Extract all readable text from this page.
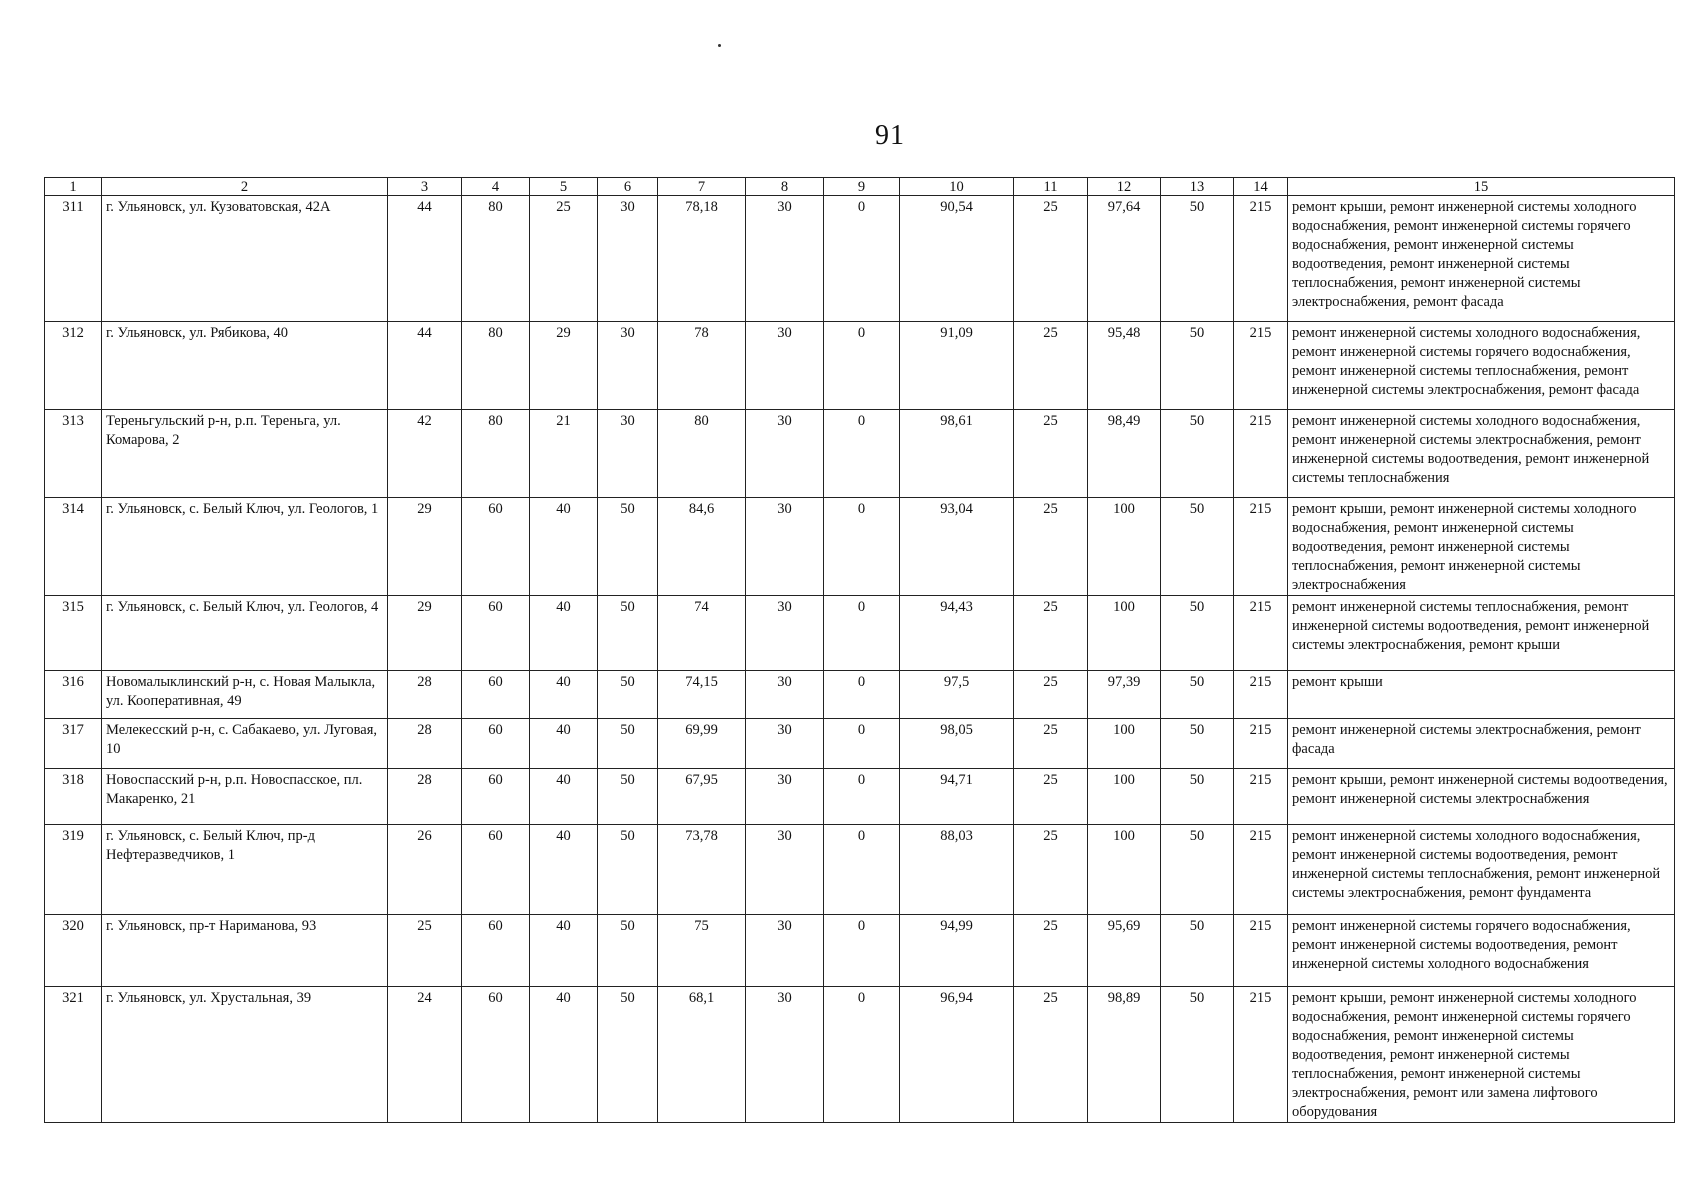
91
1	2	3	4	5	6	7	8	9	10	11	12	13	14	15
311	г. Ульяновск, ул. Кузоватовская, 42А	44	80	25	30	78,18	30	0	90,54	25	97,64	50	215	ремонт крыши, ремонт инженерной системы холодного водоснабжения, ремонт инженерной системы горячего водоснабжения, ремонт инженерной системы водоотведения, ремонт инженерной системы теплоснабжения, ремонт инженерной системы электроснабжения, ремонт фасада
312	г. Ульяновск, ул. Рябикова, 40	44	80	29	30	78	30	0	91,09	25	95,48	50	215	ремонт инженерной системы холодного водоснабжения, ремонт инженерной системы горячего водоснабжения, ремонт инженерной системы теплоснабжения, ремонт инженерной системы электроснабжения, ремонт фасада
313	Тереньгульский р-н, р.п. Тереньга, ул. Комарова, 2	42	80	21	30	80	30	0	98,61	25	98,49	50	215	ремонт инженерной системы холодного водоснабжения, ремонт инженерной системы электроснабжения, ремонт инженерной системы водоотведения, ремонт инженерной системы теплоснабжения
314	г. Ульяновск, с. Белый Ключ, ул. Геологов, 1	29	60	40	50	84,6	30	0	93,04	25	100	50	215	ремонт крыши, ремонт инженерной системы холодного водоснабжения, ремонт инженерной системы водоотведения, ремонт инженерной системы теплоснабжения, ремонт инженерной системы электроснабжения
315	г. Ульяновск, с. Белый Ключ, ул. Геологов, 4	29	60	40	50	74	30	0	94,43	25	100	50	215	ремонт инженерной системы теплоснабжения, ремонт инженерной системы водоотведения, ремонт инженерной системы электроснабжения, ремонт крыши
316	Новомалыклинский р-н, с. Новая Малыкла, ул. Кооперативная, 49	28	60	40	50	74,15	30	0	97,5	25	97,39	50	215	ремонт крыши
317	Мелекесский р-н, с. Сабакаево, ул. Луговая, 10	28	60	40	50	69,99	30	0	98,05	25	100	50	215	ремонт инженерной системы электроснабжения, ремонт фасада
318	Новоспасский р-н, р.п. Новоспасское, пл. Макаренко, 21	28	60	40	50	67,95	30	0	94,71	25	100	50	215	ремонт крыши, ремонт инженерной системы водоотведения, ремонт инженерной системы электроснабжения
319	г. Ульяновск, с. Белый Ключ, пр-д Нефтеразведчиков, 1	26	60	40	50	73,78	30	0	88,03	25	100	50	215	ремонт инженерной системы холодного водоснабжения, ремонт инженерной системы водоотведения, ремонт инженерной системы теплоснабжения, ремонт инженерной системы электроснабжения, ремонт фундамента
320	г. Ульяновск, пр-т Нариманова, 93	25	60	40	50	75	30	0	94,99	25	95,69	50	215	ремонт инженерной системы горячего водоснабжения, ремонт инженерной системы водоотведения, ремонт инженерной системы холодного водоснабжения
321	г. Ульяновск, ул. Хрустальная, 39	24	60	40	50	68,1	30	0	96,94	25	98,89	50	215	ремонт крыши, ремонт инженерной системы холодного водоснабжения, ремонт инженерной системы горячего водоснабжения, ремонт инженерной системы водоотведения, ремонт инженерной системы теплоснабжения, ремонт инженерной системы электроснабжения, ремонт или замена лифтового оборудования
